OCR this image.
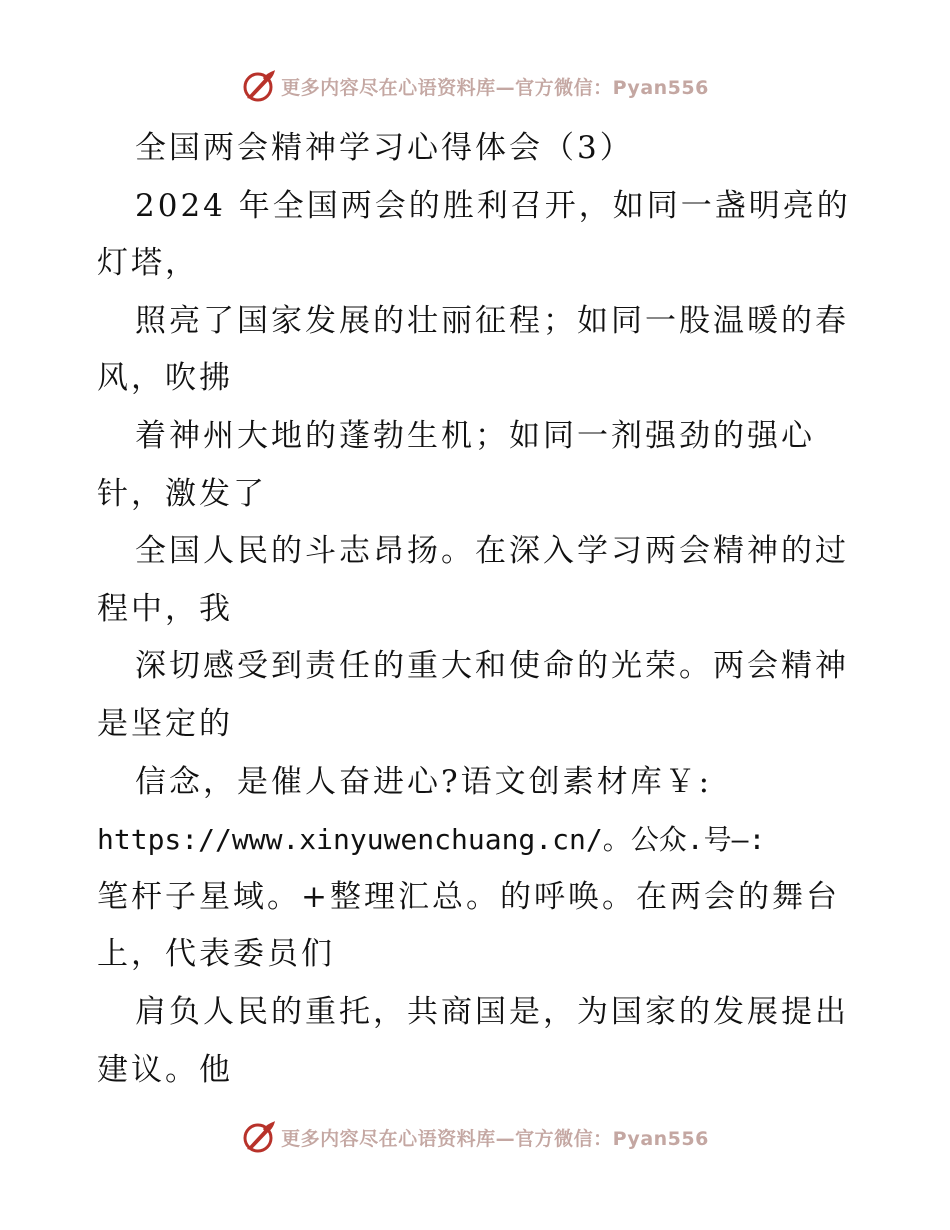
更多内容尽在心语资料库—官方微信：Pyan556
全国两会精神学习心得体会（3）
2024 年全国两会的胜利召开，如同一盏明亮的
灯塔，
照亮了国家发展的壮丽征程；如同一股温暖的春
风，吹拂
着神州大地的蓬勃生机；如同一剂强劲的强心
针，激发了
全国人民的斗志昂扬。在深入学习两会精神的过
程中，我
深切感受到责任的重大和使命的光荣。两会精神
是坚定的
信念，是催人奋进心?语文创素材库￥:
https://www.xinyuwenchuang.cn/。公众.号—:
笔杆子星域。+整理汇总。的呼唤。在两会的舞台
上，代表委员们
肩负人民的重托，共商国是，为国家的发展提出
建议。他
更多内容尽在心语资料库—官方微信：Pyan556
